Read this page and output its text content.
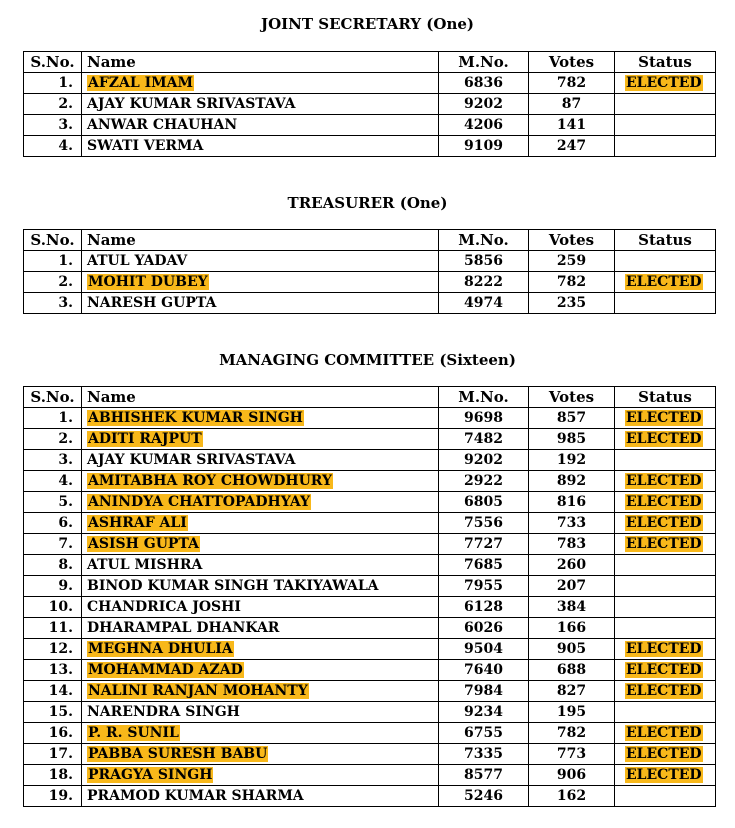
JOINT SECRETARY (One)
S.No.	Name	M.No.	Votes	Status
1.	AFZAL IMAM	6836	782	ELECTED
2.	AJAY KUMAR SRIVASTAVA	9202	87	
3.	ANWAR CHAUHAN	4206	141	
4.	SWATI VERMA	9109	247	
TREASURER (One)
S.No.	Name	M.No.	Votes	Status
1.	ATUL YADAV	5856	259	
2.	MOHIT DUBEY	8222	782	ELECTED
3.	NARESH GUPTA	4974	235	
MANAGING COMMITTEE (Sixteen)
S.No.	Name	M.No.	Votes	Status
1.	ABHISHEK KUMAR SINGH	9698	857	ELECTED
2.	ADITI RAJPUT	7482	985	ELECTED
3.	AJAY KUMAR SRIVASTAVA	9202	192	
4.	AMITABHA ROY CHOWDHURY	2922	892	ELECTED
5.	ANINDYA CHATTOPADHYAY	6805	816	ELECTED
6.	ASHRAF ALI	7556	733	ELECTED
7.	ASISH GUPTA	7727	783	ELECTED
8.	ATUL MISHRA	7685	260	
9.	BINOD KUMAR SINGH TAKIYAWALA	7955	207	
10.	CHANDRICA JOSHI	6128	384	
11.	DHARAMPAL DHANKAR	6026	166	
12.	MEGHNA DHULIA	9504	905	ELECTED
13.	MOHAMMAD AZAD	7640	688	ELECTED
14.	NALINI RANJAN MOHANTY	7984	827	ELECTED
15.	NARENDRA SINGH	9234	195	
16.	P. R. SUNIL	6755	782	ELECTED
17.	PABBA SURESH BABU	7335	773	ELECTED
18.	PRAGYA SINGH	8577	906	ELECTED
19.	PRAMOD KUMAR SHARMA	5246	162	
